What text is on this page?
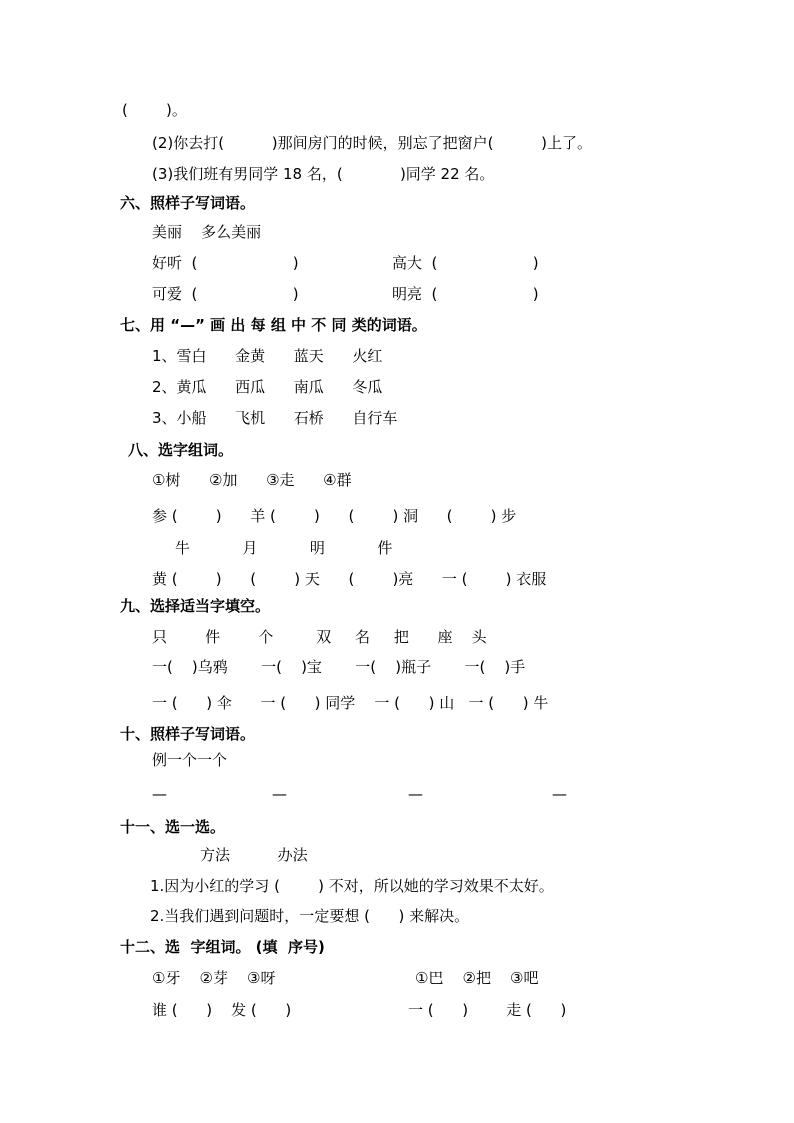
(        )。
(2)你去打(          )那间房门的时候，别忘了把窗户(          )上了。
(3)我们班有男同学 18 名，(            )同学 22 名。
六、照样子写词语。
美丽    多么美丽
好听  (                    )	高大  (                    )
可爱  (                    )	明亮  (                    )
七、用 “—” 画 出 每 组 中 不 同 类的词语。
1、雪白      金黄      蓝天      火红
2、黄瓜      西瓜      南瓜      冬瓜
3、小船      飞机      石桥      自行车
八、选字组词。
①树      ②加      ③走      ④群
参 (        )      羊 (        )      (        ) 洞      (        ) 步
牛           月           明           件
黄 (        )      (        ) 天      (        )亮      一 (        ) 衣服
九、选择适当字填空。
只        件        个         双     名     把      座    头
一(    )乌鸦       一(    )宝       一(    )瓶子       一(    )手
一 (      ) 伞      一 (      ) 同学    一 (      ) 山   一 (      ) 牛
十、照样子写词语。
例一个一个
—	—	—	—
十一、选一选。
方法          办法
1.因为小红的学习 (        ) 不对，所以她的学习效果不太好。
2.当我们遇到问题时，一定要想 (      ) 来解决。
十二、选  字组词。 (填  序号)
①牙    ②芽    ③呀	①巴    ②把    ③吧
谁 (      )    发 (      )	一 (      )        走 (      )
